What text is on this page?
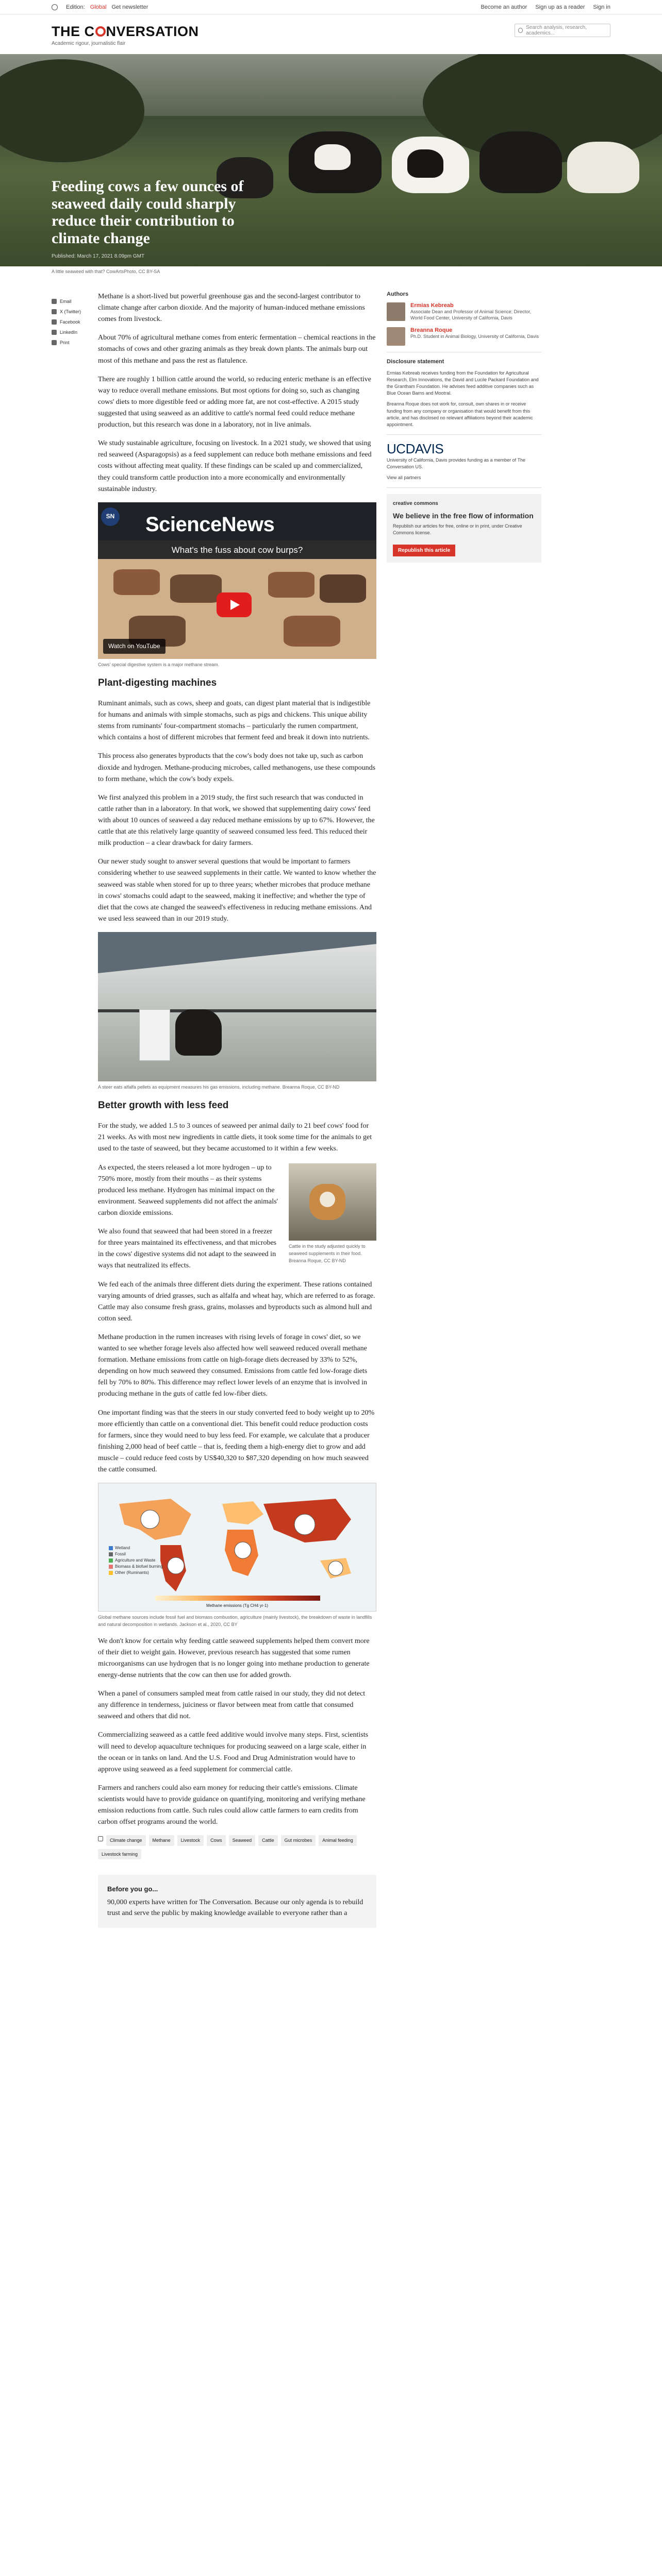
Edition: Global Get newsletter	Become an author Sign up as a reader Sign in
THE C NVERSATION
Academic rigour, journalistic flair
Search analysis, research, academics...
Feeding cows a few ounces of seaweed daily could sharply reduce their contribution to climate change
Published: March 17, 2021 8.09pm GMT
A little seaweed with that? CowArtsPhoto, CC BY-SA
Email
X (Twitter)
Facebook
LinkedIn
Print

Methane is a short-lived but powerful greenhouse gas and the second-largest contributor to climate change after carbon dioxide. And the majority of human-induced methane emissions comes from livestock.

About 70% of agricultural methane comes from enteric fermentation – chemical reactions in the stomachs of cows and other grazing animals as they break down plants. The animals burp out most of this methane and pass the rest as flatulence.

There are roughly 1 billion cattle around the world, so reducing enteric methane is an effective way to reduce overall methane emissions. But most options for doing so, such as changing cows' diets to more digestible feed or adding more fat, are not cost-effective. A 2015 study suggested that using seaweed as an additive to cattle's normal feed could reduce methane production, but this research was done in a laboratory, not in live animals.

We study sustainable agriculture, focusing on livestock. In a 2021 study, we showed that using red seaweed (Asparagopsis) as a feed supplement can reduce both methane emissions and feed costs without affecting meat quality. If these findings can be scaled up and commercialized, they could transform cattle production into a more economically and environmentally sustainable industry.

SN ScienceNews
What's the fuss about cow burps?
Watch on YouTube
Cows' special digestive system is a major methane stream.
Plant-digesting machines

Ruminant animals, such as cows, sheep and goats, can digest plant material that is indigestible for humans and animals with simple stomachs, such as pigs and chickens. This unique ability stems from ruminants' four-compartment stomachs – particularly the rumen compartment, which contains a host of different microbes that ferment feed and break it down into nutrients.

This process also generates byproducts that the cow's body does not take up, such as carbon dioxide and hydrogen. Methane-producing microbes, called methanogens, use these compounds to form methane, which the cow's body expels.

We first analyzed this problem in a 2019 study, the first such research that was conducted in cattle rather than in a laboratory. In that work, we showed that supplementing dairy cows' feed with about 10 ounces of seaweed a day reduced methane emissions by up to 67%. However, the cattle that ate this relatively large quantity of seaweed consumed less feed. This reduced their milk production – a clear drawback for dairy farmers.

Our newer study sought to answer several questions that would be important to farmers considering whether to use seaweed supplements in their cattle. We wanted to know whether the seaweed was stable when stored for up to three years; whether microbes that produce methane in cows' stomachs could adapt to the seaweed, making it ineffective; and whether the type of diet that the cows ate changed the seaweed's effectiveness in reducing methane emissions. And we used less seaweed than in our 2019 study.

A steer eats alfalfa pellets as equipment measures his gas emissions, including methane. Breanna Roque, CC BY-ND
Better growth with less feed

For the study, we added 1.5 to 3 ounces of seaweed per animal daily to 21 beef cows' food for 21 weeks. As with most new ingredients in cattle diets, it took some time for the animals to get used to the taste of seaweed, but they became accustomed to it within a few weeks.

Cattle in the study adjusted quickly to seaweed supplements in their food. Breanna Roque, CC BY-ND

As expected, the steers released a lot more hydrogen – up to 750% more, mostly from their mouths – as their systems produced less methane. Hydrogen has minimal impact on the environment. Seaweed supplements did not affect the animals' carbon dioxide emissions.

We also found that seaweed that had been stored in a freezer for three years maintained its effectiveness, and that microbes in the cows' digestive systems did not adapt to the seaweed in ways that neutralized its effects.

We fed each of the animals three different diets during the experiment. These rations contained varying amounts of dried grasses, such as alfalfa and wheat hay, which are referred to as forage. Cattle may also consume fresh grass, grains, molasses and byproducts such as almond hull and cotton seed.

Methane production in the rumen increases with rising levels of forage in cows' diet, so we wanted to see whether forage levels also affected how well seaweed reduced overall methane formation. Methane emissions from cattle on high-forage diets decreased by 33% to 52%, depending on how much seaweed they consumed. Emissions from cattle fed low-forage diets fell by 70% to 80%. This difference may reflect lower levels of an enzyme that is involved in producing methane in the guts of cattle fed low-fiber diets.

One important finding was that the steers in our study converted feed to body weight up to 20% more efficiently than cattle on a conventional diet. This benefit could reduce production costs for farmers, since they would need to buy less feed. For example, we calculate that a producer finishing 2,000 head of beef cattle – that is, feeding them a high-energy diet to grow and add muscle – could reduce feed costs by US$40,320 to $87,320 depending on how much seaweed the cattle consumed.

Wetland
Fossil
Agriculture and Waste
Biomass & biofuel burning
Other (Ruminants)
Methane emissions (Tg CH4 yr-1)
Global methane sources include fossil fuel and biomass combustion, agriculture (mainly livestock), the breakdown of waste in landfills and natural decomposition in wetlands. Jackson et al., 2020, CC BY

We don't know for certain why feeding cattle seaweed supplements helped them convert more of their diet to weight gain. However, previous research has suggested that some rumen microorganisms can use hydrogen that is no longer going into methane production to generate energy-dense nutrients that the cow can then use for added growth.

When a panel of consumers sampled meat from cattle raised in our study, they did not detect any difference in tenderness, juiciness or flavor between meat from cattle that consumed seaweed and others that did not.

Commercializing seaweed as a cattle feed additive would involve many steps. First, scientists will need to develop aquaculture techniques for producing seaweed on a large scale, either in the ocean or in tanks on land. And the U.S. Food and Drug Administration would have to approve using seaweed as a feed supplement for commercial cattle.

Farmers and ranchers could also earn money for reducing their cattle's emissions. Climate scientists would have to provide guidance on quantifying, monitoring and verifying methane emission reductions from cattle. Such rules could allow cattle farmers to earn credits from carbon offset programs around the world.

Climate change	Methane	Livestock	Cows	Seaweed	Cattle	Gut microbes	Animal feeding
Livestock farming
Before you go...
90,000 experts have written for The Conversation. Because our only agenda is to rebuild trust and serve the public by making knowledge available to everyone rather than a
Authors
Ermias Kebreab
Associate Dean and Professor of Animal Science; Director, World Food Center, University of California, Davis
Breanna Roque
Ph.D. Student in Animal Biology, University of California, Davis
Disclosure statement

Ermias Kebreab receives funding from the Foundation for Agricultural Research, Elm Innovations, the David and Lucile Packard Foundation and the Grantham Foundation. He advises feed additive companies such as Blue Ocean Barns and Mootral.

Breanna Roque does not work for, consult, own shares in or receive funding from any company or organisation that would benefit from this article, and has disclosed no relevant affiliations beyond their academic appointment.

UCDAVIS

University of California, Davis provides funding as a member of The Conversation US.

View all partners

creative commons

We believe in the free flow of information

Republish our articles for free, online or in print, under Creative Commons license.

Republish this article
